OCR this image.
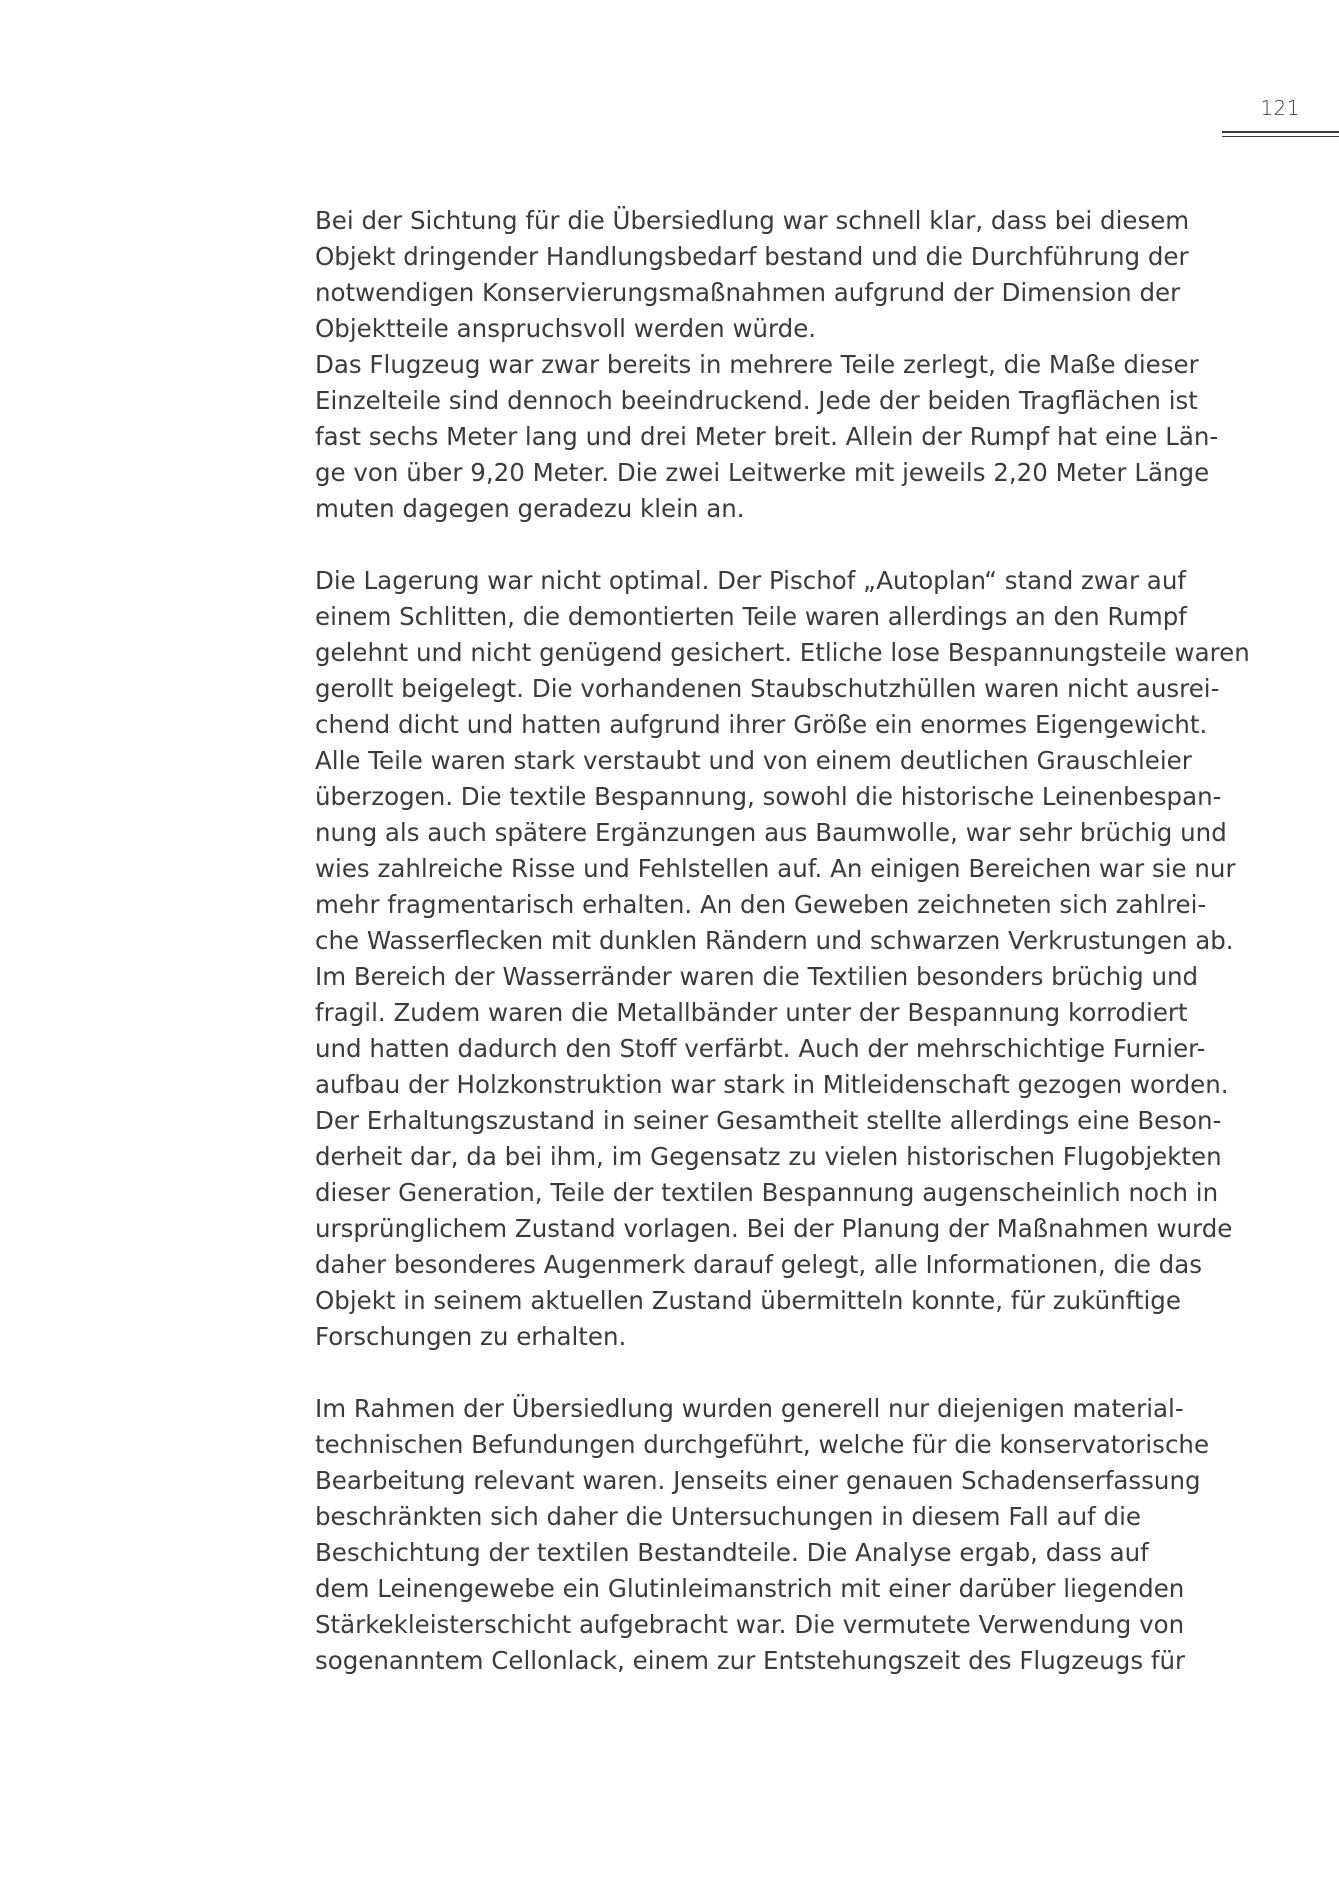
121
Bei der Sichtung für die Übersiedlung war schnell klar, dass bei diesem
Objekt dringender Handlungsbedarf bestand und die Durchführung der
notwendigen Konservierungsmaßnahmen aufgrund der Dimension der
Objektteile anspruchsvoll werden würde.
Das Flugzeug war zwar bereits in mehrere Teile zerlegt, die Maße dieser
Einzelteile sind dennoch beeindruckend. Jede der beiden Tragflächen ist
fast sechs Meter lang und drei Meter breit. Allein der Rumpf hat eine Län-
ge von über 9,20 Meter. Die zwei Leitwerke mit jeweils 2,20 Meter Länge
muten dagegen geradezu klein an.
Die Lagerung war nicht optimal. Der Pischof „Autoplan“ stand zwar auf
einem Schlitten, die demontierten Teile waren allerdings an den Rumpf
gelehnt und nicht genügend gesichert. Etliche lose Bespannungsteile waren
gerollt beigelegt. Die vorhandenen Staubschutzhüllen waren nicht ausrei-
chend dicht und hatten aufgrund ihrer Größe ein enormes Eigengewicht.
Alle Teile waren stark verstaubt und von einem deutlichen Grauschleier
überzogen. Die textile Bespannung, sowohl die historische Leinenbespan-
nung als auch spätere Ergänzungen aus Baumwolle, war sehr brüchig und
wies zahlreiche Risse und Fehlstellen auf. An einigen Bereichen war sie nur
mehr fragmentarisch erhalten. An den Geweben zeichneten sich zahlrei-
che Wasserflecken mit dunklen Rändern und schwarzen Verkrustungen ab.
Im Bereich der Wasserränder waren die Textilien besonders brüchig und
fragil. Zudem waren die Metallbänder unter der Bespannung korrodiert
und hatten dadurch den Stoff verfärbt. Auch der mehrschichtige Furnier-
aufbau der Holzkonstruktion war stark in Mitleidenschaft gezogen worden.
Der Erhaltungszustand in seiner Gesamtheit stellte allerdings eine Beson-
derheit dar, da bei ihm, im Gegensatz zu vielen historischen Flugobjekten
dieser Generation, Teile der textilen Bespannung augenscheinlich noch in
ursprünglichem Zustand vorlagen. Bei der Planung der Maßnahmen wurde
daher besonderes Augenmerk darauf gelegt, alle Informationen, die das
Objekt in seinem aktuellen Zustand übermitteln konnte, für zukünftige
Forschungen zu erhalten.
Im Rahmen der Übersiedlung wurden generell nur diejenigen material-
technischen Befundungen durchgeführt, welche für die konservatorische
Bearbeitung relevant waren. Jenseits einer genauen Schadenserfassung
beschränkten sich daher die Untersuchungen in diesem Fall auf die
Beschichtung der textilen Bestandteile. Die Analyse ergab, dass auf
dem Leinengewebe ein Glutinleimanstrich mit einer darüber liegenden
Stärkekleisterschicht aufgebracht war. Die vermutete Verwendung von
sogenanntem Cellonlack, einem zur Entstehungszeit des Flugzeugs für
